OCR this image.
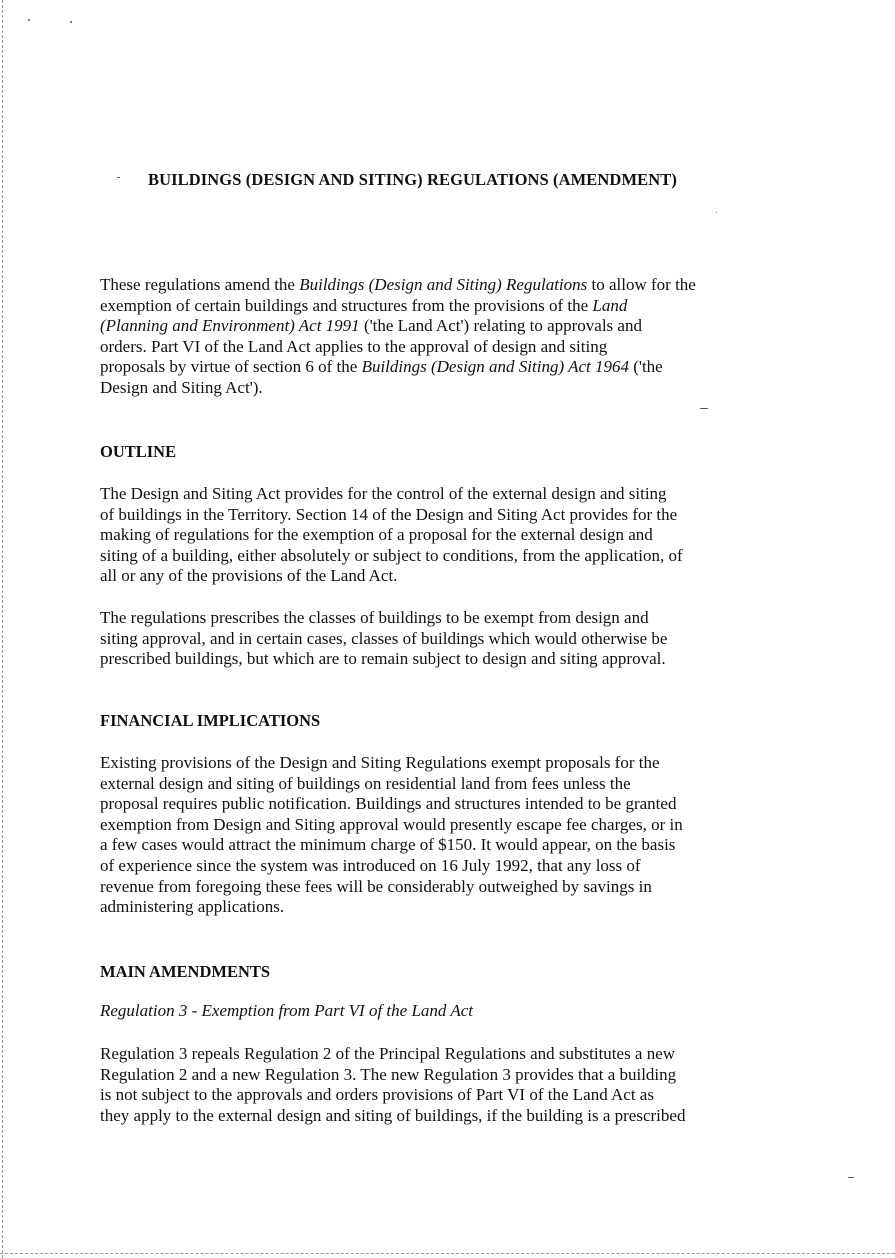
BUILDINGS (DESIGN AND SITING) REGULATIONS (AMENDMENT)
These regulations amend the Buildings (Design and Siting) Regulations to allow for the
exemption of certain buildings and structures from the provisions of the Land
(Planning and Environment) Act 1991 ('the Land Act') relating to approvals and
orders. Part VI of the Land Act applies to the approval of design and siting
proposals by virtue of section 6 of the Buildings (Design and Siting) Act 1964 ('the
Design and Siting Act').
OUTLINE
The Design and Siting Act provides for the control of the external design and siting
of buildings in the Territory. Section 14 of the Design and Siting Act provides for the
making of regulations for the exemption of a proposal for the external design and
siting of a building, either absolutely or subject to conditions, from the application, of
all or any of the provisions of the Land Act.
The regulations prescribes the classes of buildings to be exempt from design and
siting approval, and in certain cases, classes of buildings which would otherwise be
prescribed buildings, but which are to remain subject to design and siting approval.
FINANCIAL IMPLICATIONS
Existing provisions of the Design and Siting Regulations exempt proposals for the
external design and siting of buildings on residential land from fees unless the
proposal requires public notification. Buildings and structures intended to be granted
exemption from Design and Siting approval would presently escape fee charges, or in
a few cases would attract the minimum charge of $150. It would appear, on the basis
of experience since the system was introduced on 16 July 1992, that any loss of
revenue from foregoing these fees will be considerably outweighed by savings in
administering applications.
MAIN AMENDMENTS
Regulation 3 - Exemption from Part VI of the Land Act
Regulation 3 repeals Regulation 2 of the Principal Regulations and substitutes a new
Regulation 2 and a new Regulation 3. The new Regulation 3 provides that a building
is not subject to the approvals and orders provisions of Part VI of the Land Act as
they apply to the external design and siting of buildings, if the building is a prescribed
